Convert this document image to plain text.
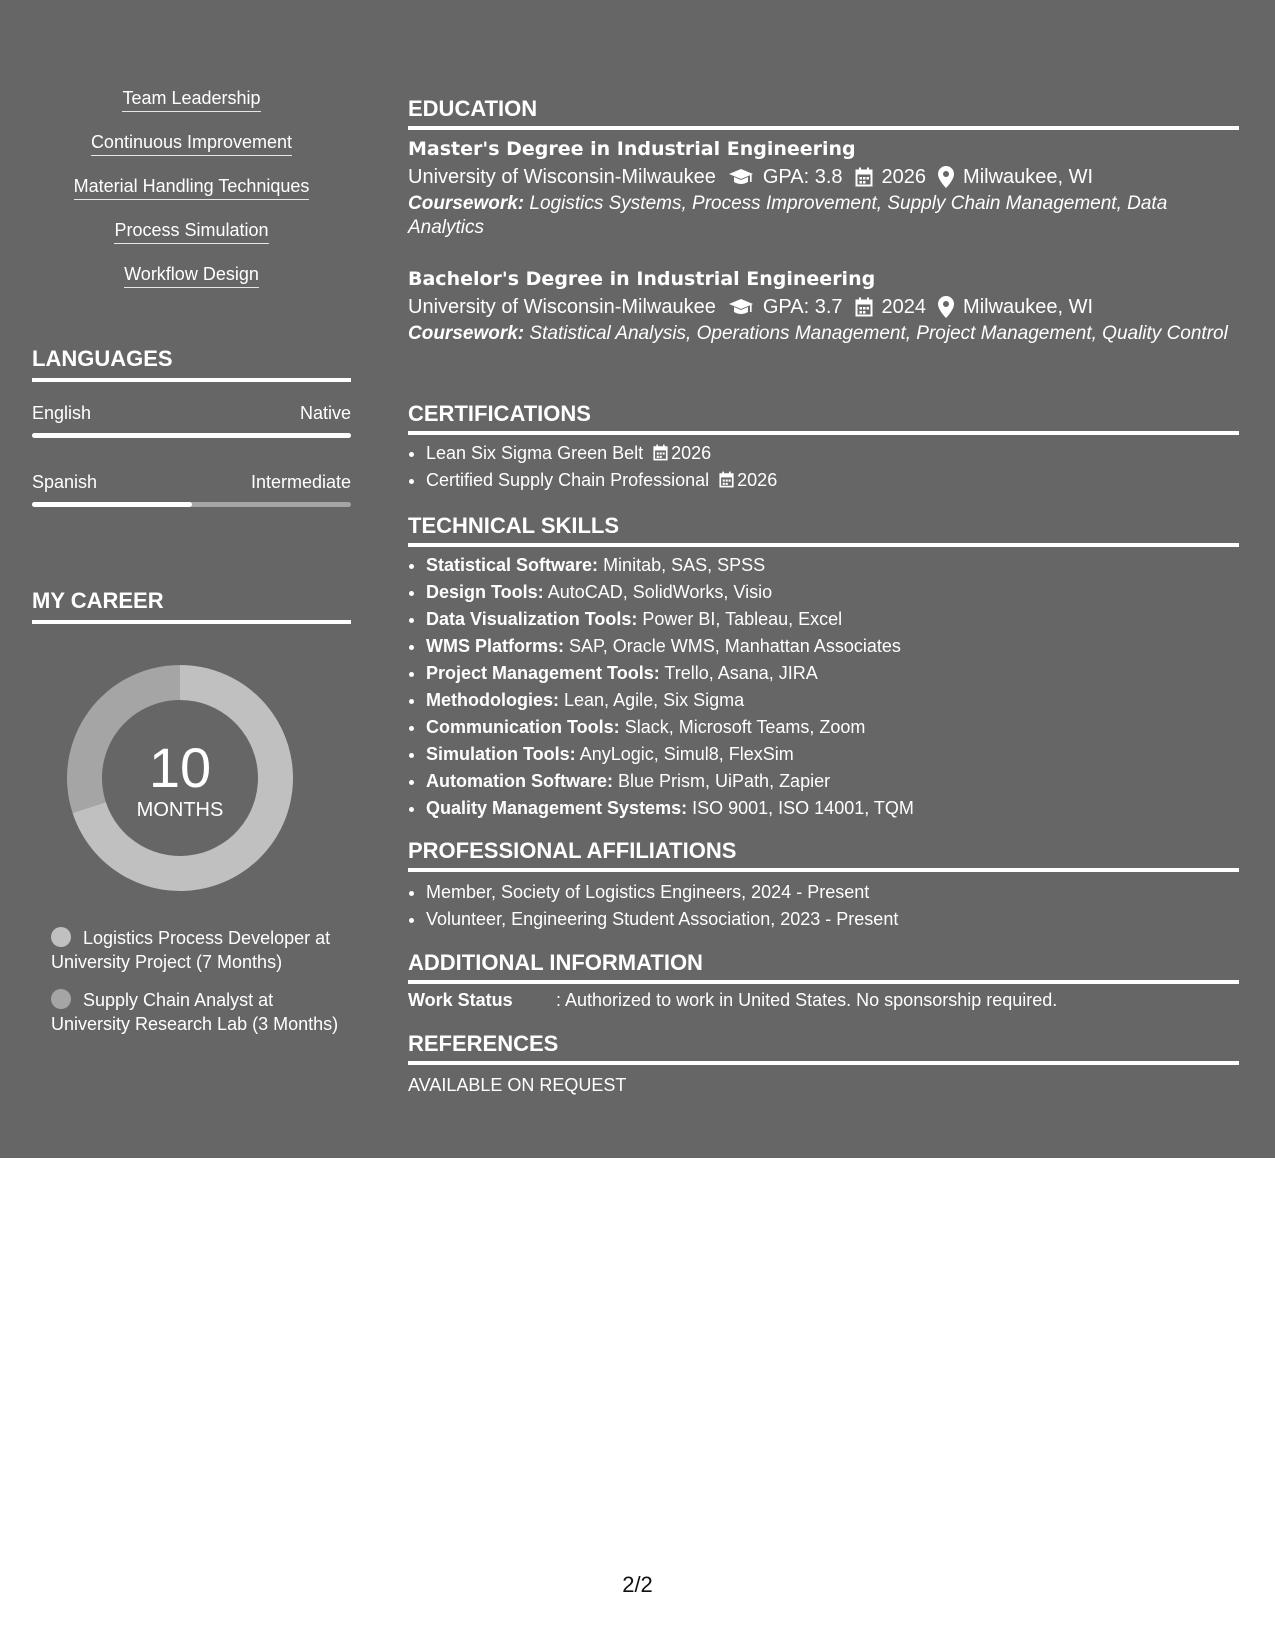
Team Leadership
Continuous Improvement
Material Handling Techniques
Process Simulation
Workflow Design
LANGUAGES
English	Native
Spanish	Intermediate
MY CAREER
10
MONTHS
Logistics Process Developer at University Project (7 Months)
Supply Chain Analyst at University Research Lab (3 Months)
EDUCATION
Master's Degree in Industrial Engineering
University of Wisconsin-Milwaukee GPA: 3.8 2026 Milwaukee, WI
Coursework: Logistics Systems, Process Improvement, Supply Chain Management, Data Analytics
Bachelor's Degree in Industrial Engineering
University of Wisconsin-Milwaukee GPA: 3.7 2024 Milwaukee, WI
Coursework: Statistical Analysis, Operations Management, Project Management, Quality Control
CERTIFICATIONS
• Lean Six Sigma Green Belt 2026
• Certified Supply Chain Professional 2026
TECHNICAL SKILLS
• Statistical Software: Minitab, SAS, SPSS
• Design Tools: AutoCAD, SolidWorks, Visio
• Data Visualization Tools: Power BI, Tableau, Excel
• WMS Platforms: SAP, Oracle WMS, Manhattan Associates
• Project Management Tools: Trello, Asana, JIRA
• Methodologies: Lean, Agile, Six Sigma
• Communication Tools: Slack, Microsoft Teams, Zoom
• Simulation Tools: AnyLogic, Simul8, FlexSim
• Automation Software: Blue Prism, UiPath, Zapier
• Quality Management Systems: ISO 9001, ISO 14001, TQM
PROFESSIONAL AFFILIATIONS
• Member, Society of Logistics Engineers, 2024 - Present
• Volunteer, Engineering Student Association, 2023 - Present
ADDITIONAL INFORMATION
Work Status : Authorized to work in United States. No sponsorship required.
REFERENCES
AVAILABLE ON REQUEST
2/2
